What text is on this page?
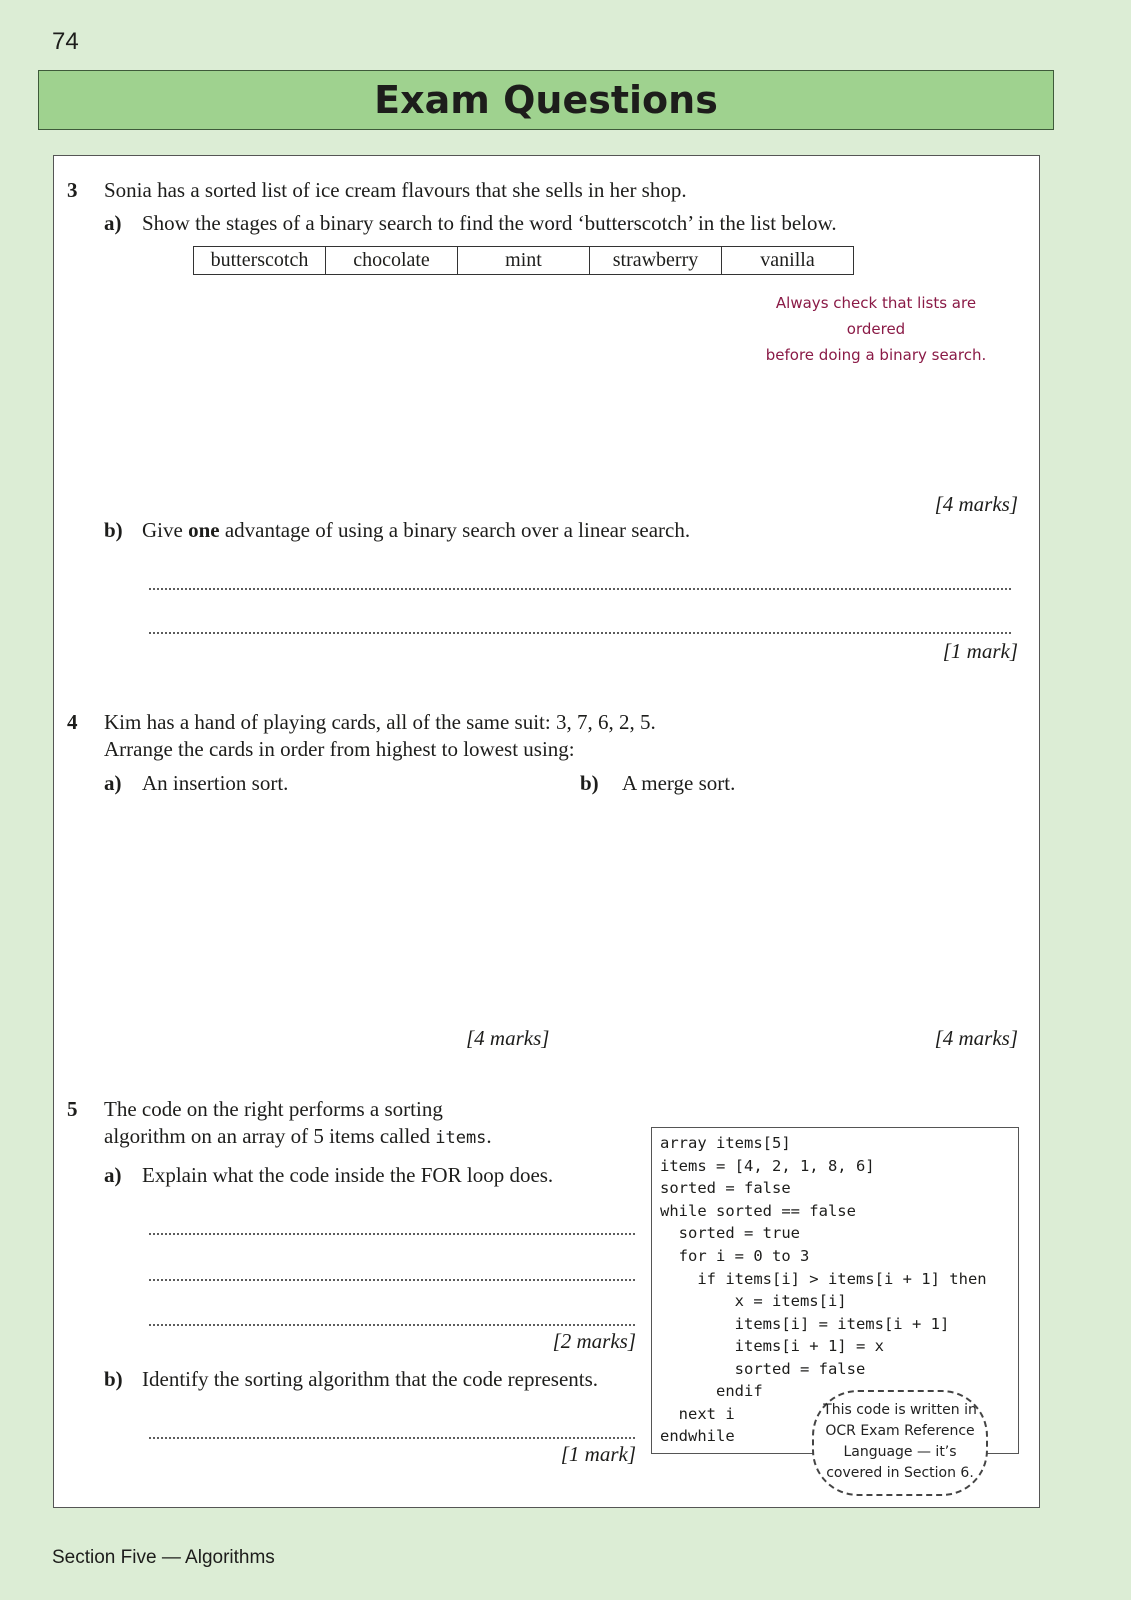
74
Exam Questions
3 Sonia has a sorted list of ice cream flavours that she sells in her shop.
a) Show the stages of a binary search to find the word ‘butterscotch’ in the list below.
butterscotch	chocolate	mint	strawberry	vanilla
Always check that lists are ordered
before doing a binary search.
[4 marks]
b) Give one advantage of using a binary search over a linear search.
[1 mark]
4 Kim has a hand of playing cards, all of the same suit: 3, 7, 6, 2, 5.
Arrange the cards in order from highest to lowest using:
a) An insertion sort.	b) A merge sort.
[4 marks]	[4 marks]
5 The code on the right performs a sorting
algorithm on an array of 5 items called items.
a) Explain what the code inside the FOR loop does.
[2 marks]
b) Identify the sorting algorithm that the code represents.
[1 mark]
array items[5]
items = [4, 2, 1, 8, 6]
sorted = false
while sorted == false
sorted = true
for i = 0 to 3
if items[i] > items[i + 1] then
x = items[i]
items[i] = items[i + 1]
items[i + 1] = x
sorted = false
endif
next i
endwhile
This code is written in
OCR Exam Reference
Language — it’s
covered in Section 6.
Section Five — Algorithms
